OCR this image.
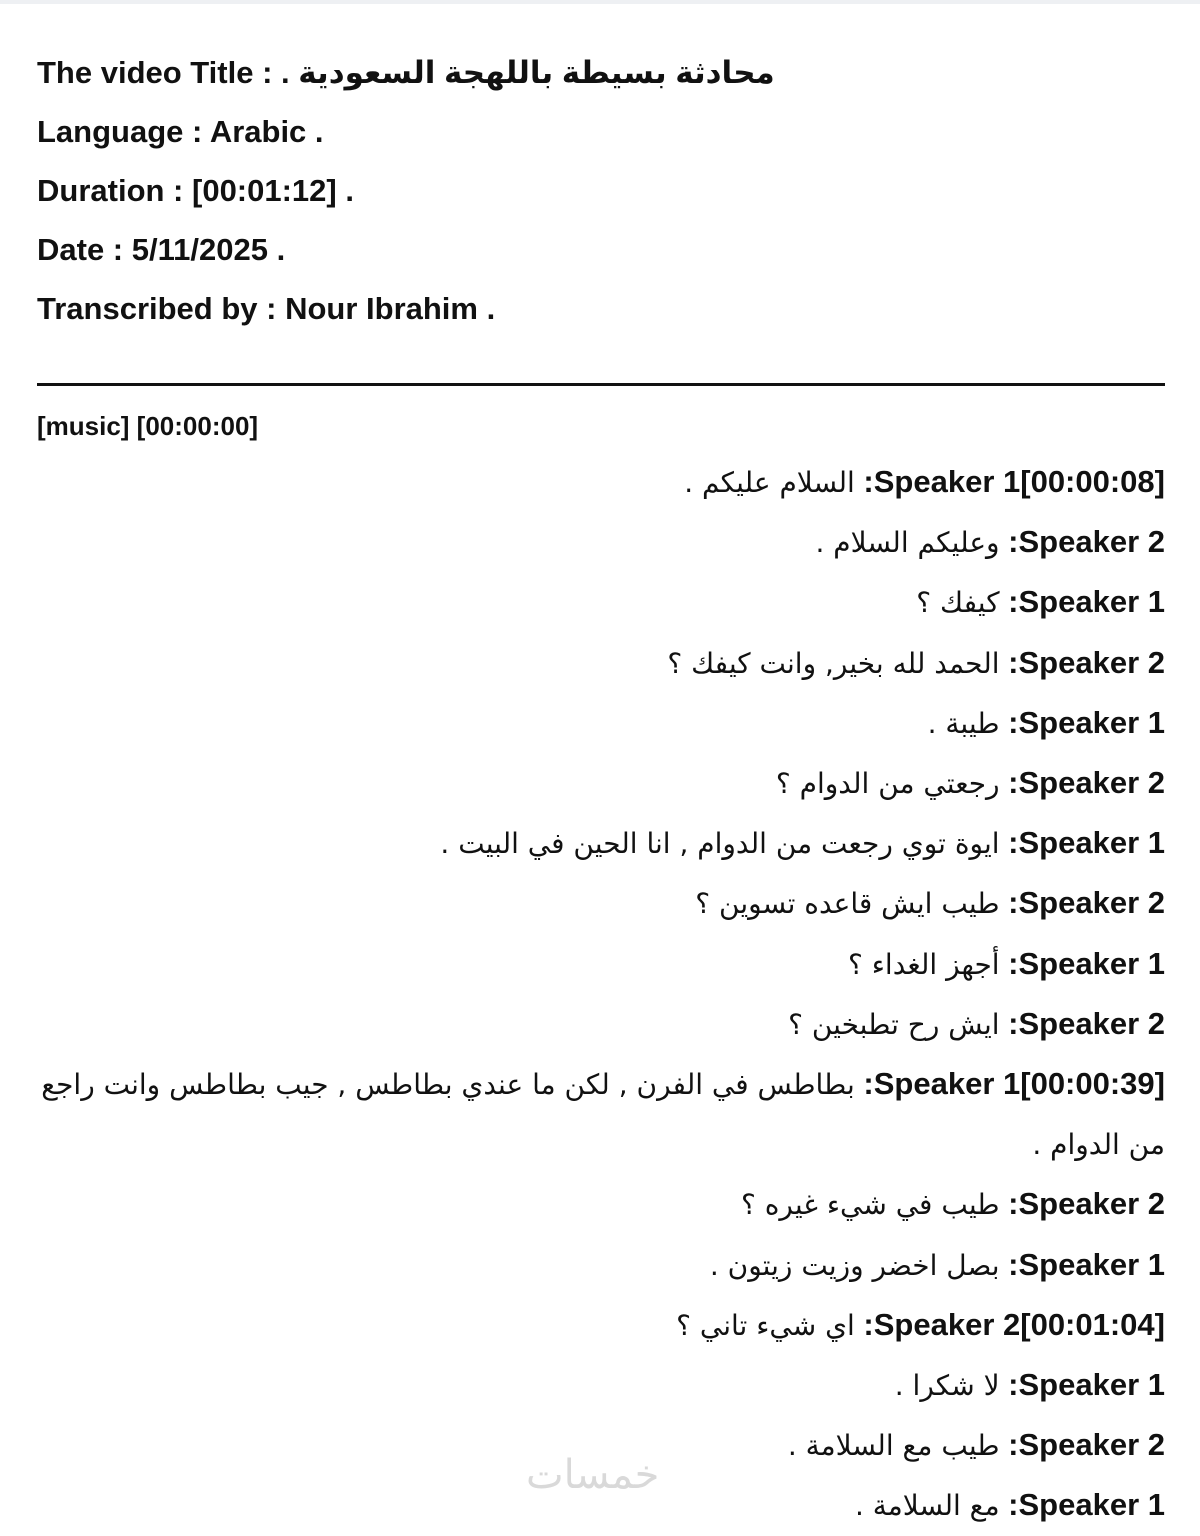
The video Title : محادثة بسيطة باللهجة السعودية .
Language : Arabic .
Duration : [00:01:12] .
Date : 5/11/2025 .
Transcribed by : Nour Ibrahim .
[music] [00:00:00]
[00:00:08]Speaker 1: السلام عليكم .
Speaker 2: وعليكم السلام .
Speaker 1: كيفك ؟
Speaker 2: الحمد لله بخير, وانت كيفك ؟
Speaker 1: طيبة .
Speaker 2: رجعتي من الدوام ؟
Speaker 1: ايوة توي رجعت من الدوام , انا الحين في البيت .
Speaker 2: طيب ايش قاعده تسوين ؟
Speaker 1: أجهز الغداء ؟
Speaker 2: ايش رح تطبخين ؟
[00:00:39]Speaker 1: بطاطس في الفرن , لكن ما عندي بطاطس , جيب بطاطس وانت راجع من الدوام .
Speaker 2: طيب في شيء غيره ؟
Speaker 1: بصل اخضر وزيت زيتون .
[00:01:04]Speaker 2: اي شيء تاني ؟
Speaker 1: لا شكرا .
Speaker 2: طيب مع السلامة .
Speaker 1: مع السلامة .
خمسات
